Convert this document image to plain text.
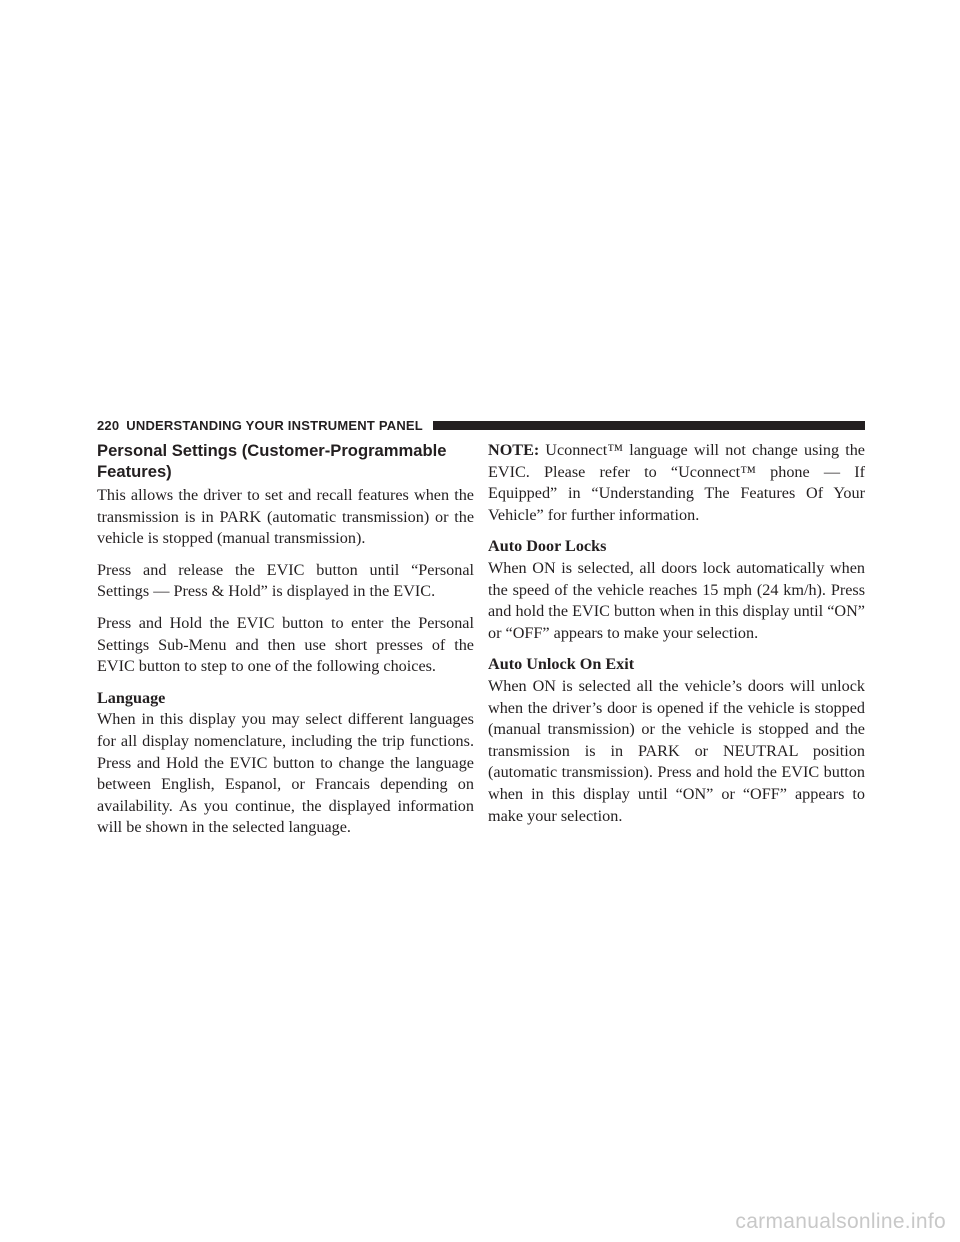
220 UNDERSTANDING YOUR INSTRUMENT PANEL
Personal Settings (Customer-Programmable Features)

This allows the driver to set and recall features when the transmission is in PARK (automatic transmission) or the vehicle is stopped (manual transmission).

Press and release the EVIC button until “Personal Settings — Press & Hold” is displayed in the EVIC.

Press and Hold the EVIC button to enter the Personal Settings Sub-Menu and then use short presses of the EVIC button to step to one of the following choices.

Language

When in this display you may select different languages for all display nomenclature, including the trip functions. Press and Hold the EVIC button to change the language between English, Espanol, or Francais depending on availability. As you continue, the displayed information will be shown in the selected language.

NOTE: Uconnect™ language will not change using the EVIC. Please refer to “Uconnect™ phone — If Equipped” in “Understanding The Features Of Your Vehicle” for further information.

Auto Door Locks

When ON is selected, all doors lock automatically when the speed of the vehicle reaches 15 mph (24 km/h). Press and hold the EVIC button when in this display until “ON” or “OFF” appears to make your selection.

Auto Unlock On Exit

When ON is selected all the vehicle’s doors will unlock when the driver’s door is opened if the vehicle is stopped (manual transmission) or the vehicle is stopped and the transmission is in PARK or NEUTRAL position (automatic transmission). Press and hold the EVIC button when in this display until “ON” or “OFF” appears to make your selection.

carmanualsonline.info
